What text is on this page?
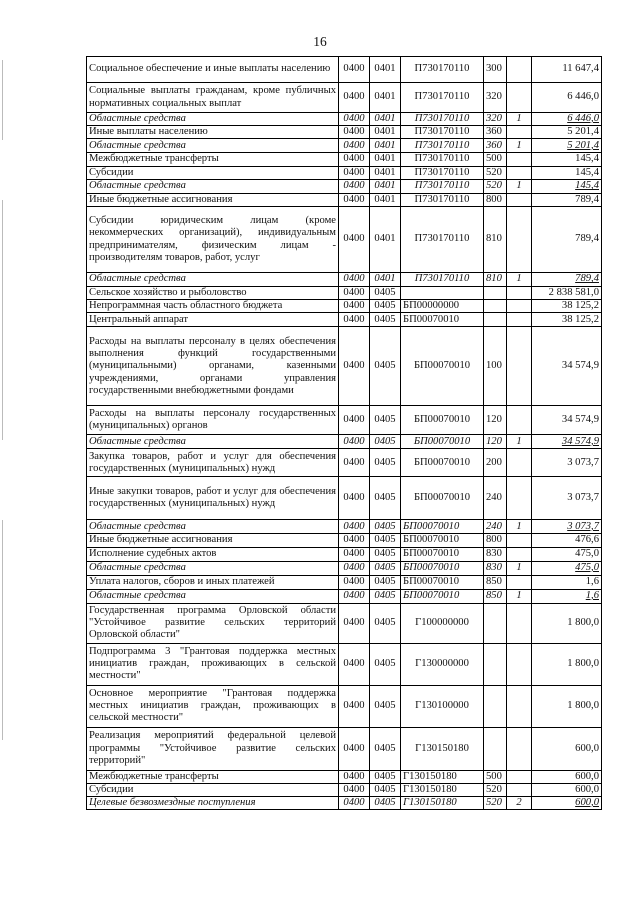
16
Социальное обеспечение и иные выплаты населению	0400	0401	П730170110	300		11 647,4
Социальные выплаты гражданам, кроме публичных нормативных социальных выплат	0400	0401	П730170110	320		6 446,0
Областные средства	0400	0401	П730170110	320	1	6 446,0
Иные выплаты населению	0400	0401	П730170110	360		5 201,4
Областные средства	0400	0401	П730170110	360	1	5 201,4
Межбюджетные трансферты	0400	0401	П730170110	500		145,4
Субсидии	0400	0401	П730170110	520		145,4
Областные средства	0400	0401	П730170110	520	1	145,4
Иные бюджетные ассигнования	0400	0401	П730170110	800		789,4
Субсидии юридическим лицам (кроме некоммерческих организаций), индивидуальным предпринимателям, физическим лицам - производителям товаров, работ, услуг	0400	0401	П730170110	810		789,4
Областные средства	0400	0401	П730170110	810	1	789,4
Сельское хозяйство и рыболовство	0400	0405				2 838 581,0
Непрограммная часть областного бюджета	0400	0405	БП00000000			38 125,2
Центральный аппарат	0400	0405	БП00070010			38 125,2
Расходы на выплаты персоналу в целях обеспечения выполнения функций государственными (муниципальными) органами, казенными учреждениями, органами управления государственными внебюджетными фондами	0400	0405	БП00070010	100		34 574,9
Расходы на выплаты персоналу государственных (муниципальных) органов	0400	0405	БП00070010	120		34 574,9
Областные средства	0400	0405	БП00070010	120	1	34 574,9
Закупка товаров, работ и услуг для обеспечения государственных (муниципальных) нужд	0400	0405	БП00070010	200		3 073,7
Иные закупки товаров, работ и услуг для обеспечения государственных (муниципальных) нужд	0400	0405	БП00070010	240		3 073,7
Областные средства	0400	0405	БП00070010	240	1	3 073,7
Иные бюджетные ассигнования	0400	0405	БП00070010	800		476,6
Исполнение судебных актов	0400	0405	БП00070010	830		475,0
Областные средства	0400	0405	БП00070010	830	1	475,0
Уплата налогов, сборов и иных платежей	0400	0405	БП00070010	850		1,6
Областные средства	0400	0405	БП00070010	850	1	1,6
Государственная программа Орловской области "Устойчивое развитие сельских территорий Орловской области"	0400	0405	Г100000000			1 800,0
Подпрограмма 3 "Грантовая поддержка местных инициатив граждан, проживающих в сельской местности"	0400	0405	Г130000000			1 800,0
Основное мероприятие "Грантовая поддержка местных инициатив граждан, проживающих в сельской местности"	0400	0405	Г130100000			1 800,0
Реализация мероприятий федеральной целевой программы "Устойчивое развитие сельских территорий"	0400	0405	Г130150180			600,0
Межбюджетные трансферты	0400	0405	Г130150180	500		600,0
Субсидии	0400	0405	Г130150180	520		600,0
Целевые безвозмездные поступления	0400	0405	Г130150180	520	2	600,0
